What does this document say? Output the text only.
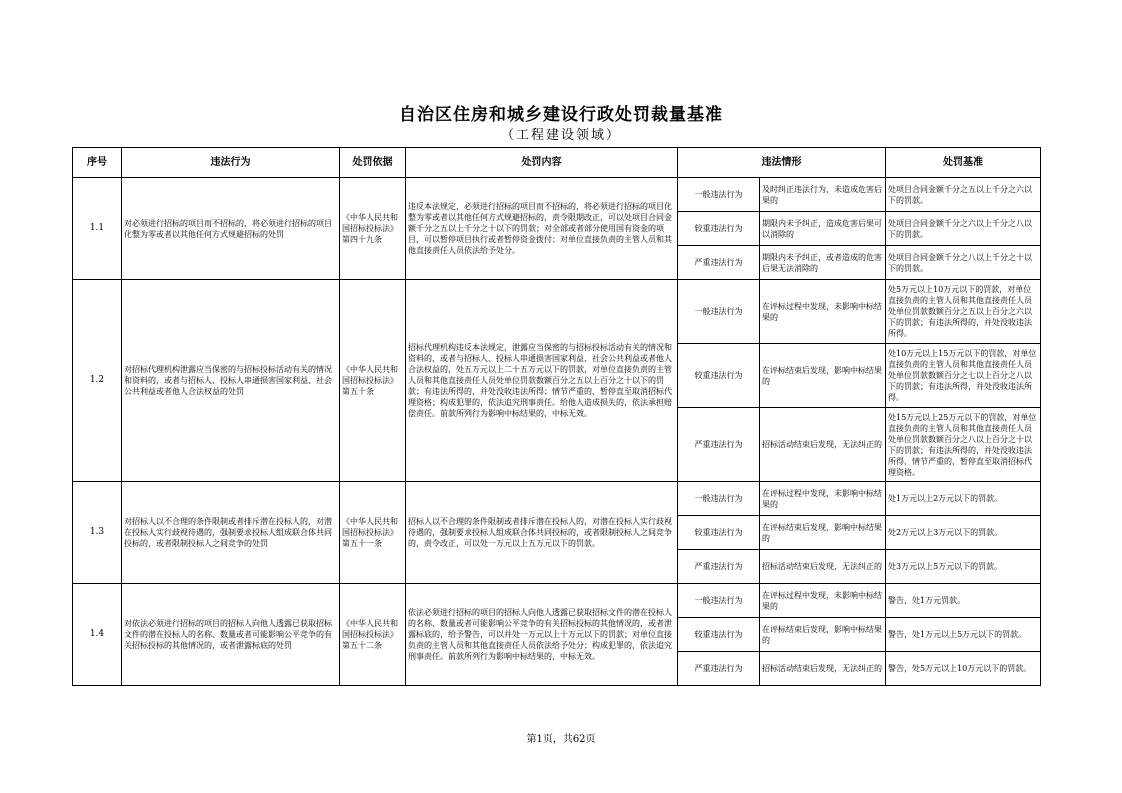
自治区住房和城乡建设行政处罚裁量基准
（工程建设领域）
序号	违法行为	处罚依据	处罚内容	违法情形		处罚基准
1.1	对必须进行招标的项目而不招标的，将必须进行招标的项目化整为零或者以其他任何方式规避招标的处罚	《中华人民共和国招标投标法》第四十九条	违反本法规定，必须进行招标的项目而不招标的，将必须进行招标的项目化整为零或者以其他任何方式规避招标的，责令限期改正，可以处项目合同金额千分之五以上千分之十以下的罚款；对全部或者部分使用国有资金的项目，可以暂停项目执行或者暂停资金拨付；对单位直接负责的主管人员和其他直接责任人员依法给予处分。	一般违法行为	及时纠正违法行为，未造成危害后果的	处项目合同金额千分之五以上千分之六以下的罚款。
				较重违法行为	期限内未予纠正，造成危害后果可以消除的	处项目合同金额千分之六以上千分之八以下的罚款。
				严重违法行为	期限内未予纠正，或者造成的危害后果无法消除的	处项目合同金额千分之八以上千分之十以下的罚款。
1.2	对招标代理机构泄露应当保密的与招标投标活动有关的情况和资料的，或者与招标人、投标人串通损害国家利益、社会公共利益或者他人合法权益的处罚	《中华人民共和国招标投标法》第五十条	招标代理机构违反本法规定，泄露应当保密的与招标投标活动有关的情况和资料的，或者与招标人、投标人串通损害国家利益、社会公共利益或者他人合法权益的，处五万元以上二十五万元以下的罚款，对单位直接负责的主管人员和其他直接责任人员处单位罚款数额百分之五以上百分之十以下的罚款；有违法所得的，并处没收违法所得；情节严重的，暂停直至取消招标代理资格；构成犯罪的，依法追究刑事责任。给他人造成损失的，依法承担赔偿责任。前款所列行为影响中标结果的，中标无效。	一般违法行为	在评标过程中发现，未影响中标结果的	处5万元以上10万元以下的罚款，对单位直接负责的主管人员和其他直接责任人员处单位罚款数额百分之五以上百分之六以下的罚款；有违法所得的，并处没收违法所得。
				较重违法行为	在评标结束后发现，影响中标结果的	处10万元以上15万元以下的罚款，对单位直接负责的主管人员和其他直接责任人员处单位罚款数额百分之七以上百分之八以下的罚款；有违法所得，并处没收违法所得。
				严重违法行为	招标活动结束后发现，无法纠正的	处15万元以上25万元以下的罚款，对单位直接负责的主管人员和其他直接责任人员处单位罚款数额百分之八以上百分之十以下的罚款；有违法所得的，并处没收违法所得，情节严重的，暂停直至取消招标代理资格。
1.3	对招标人以不合理的条件限制或者排斥潜在投标人的，对潜在投标人实行歧视待遇的，强制要求投标人组成联合体共同投标的，或者限制投标人之间竞争的处罚	《中华人民共和国招标投标法》第五十一条	招标人以不合理的条件限制或者排斥潜在投标人的，对潜在投标人实行歧视待遇的，强制要求投标人组成联合体共同投标的，或者限制投标人之间竞争的，责令改正，可以处一万元以上五万元以下的罚款。	一般违法行为	在评标过程中发现，未影响中标结果的	处1万元以上2万元以下的罚款。
				较重违法行为	在评标结束后发现，影响中标结果的	处2万元以上3万元以下的罚款。
				严重违法行为	招标活动结束后发现，无法纠正的	处3万元以上5万元以下的罚款。
1.4	对依法必须进行招标的项目的招标人向他人透露已获取招标文件的潜在投标人的名称、数量或者可能影响公平竞争的有关招标投标的其他情况的，或者泄露标底的处罚	《中华人民共和国招标投标法》第五十二条	依法必须进行招标的项目的招标人向他人透露已获取招标文件的潜在投标人的名称、数量或者可能影响公平竞争的有关招标投标的其他情况的，或者泄露标底的，给予警告，可以并处一万元以上十万元以下的罚款；对单位直接负责的主管人员和其他直接责任人员依法给予处分；构成犯罪的，依法追究刑事责任。前款所列行为影响中标结果的，中标无效。	一般违法行为	在评标过程中发现，未影响中标结果的	警告，处1万元罚款。
				较重违法行为	在评标结束后发现，影响中标结果的	警告，处1万元以上5万元以下的罚款。
				严重违法行为	招标活动结束后发现，无法纠正的	警告，处5万元以上10万元以下的罚款。
第1页，共62页
